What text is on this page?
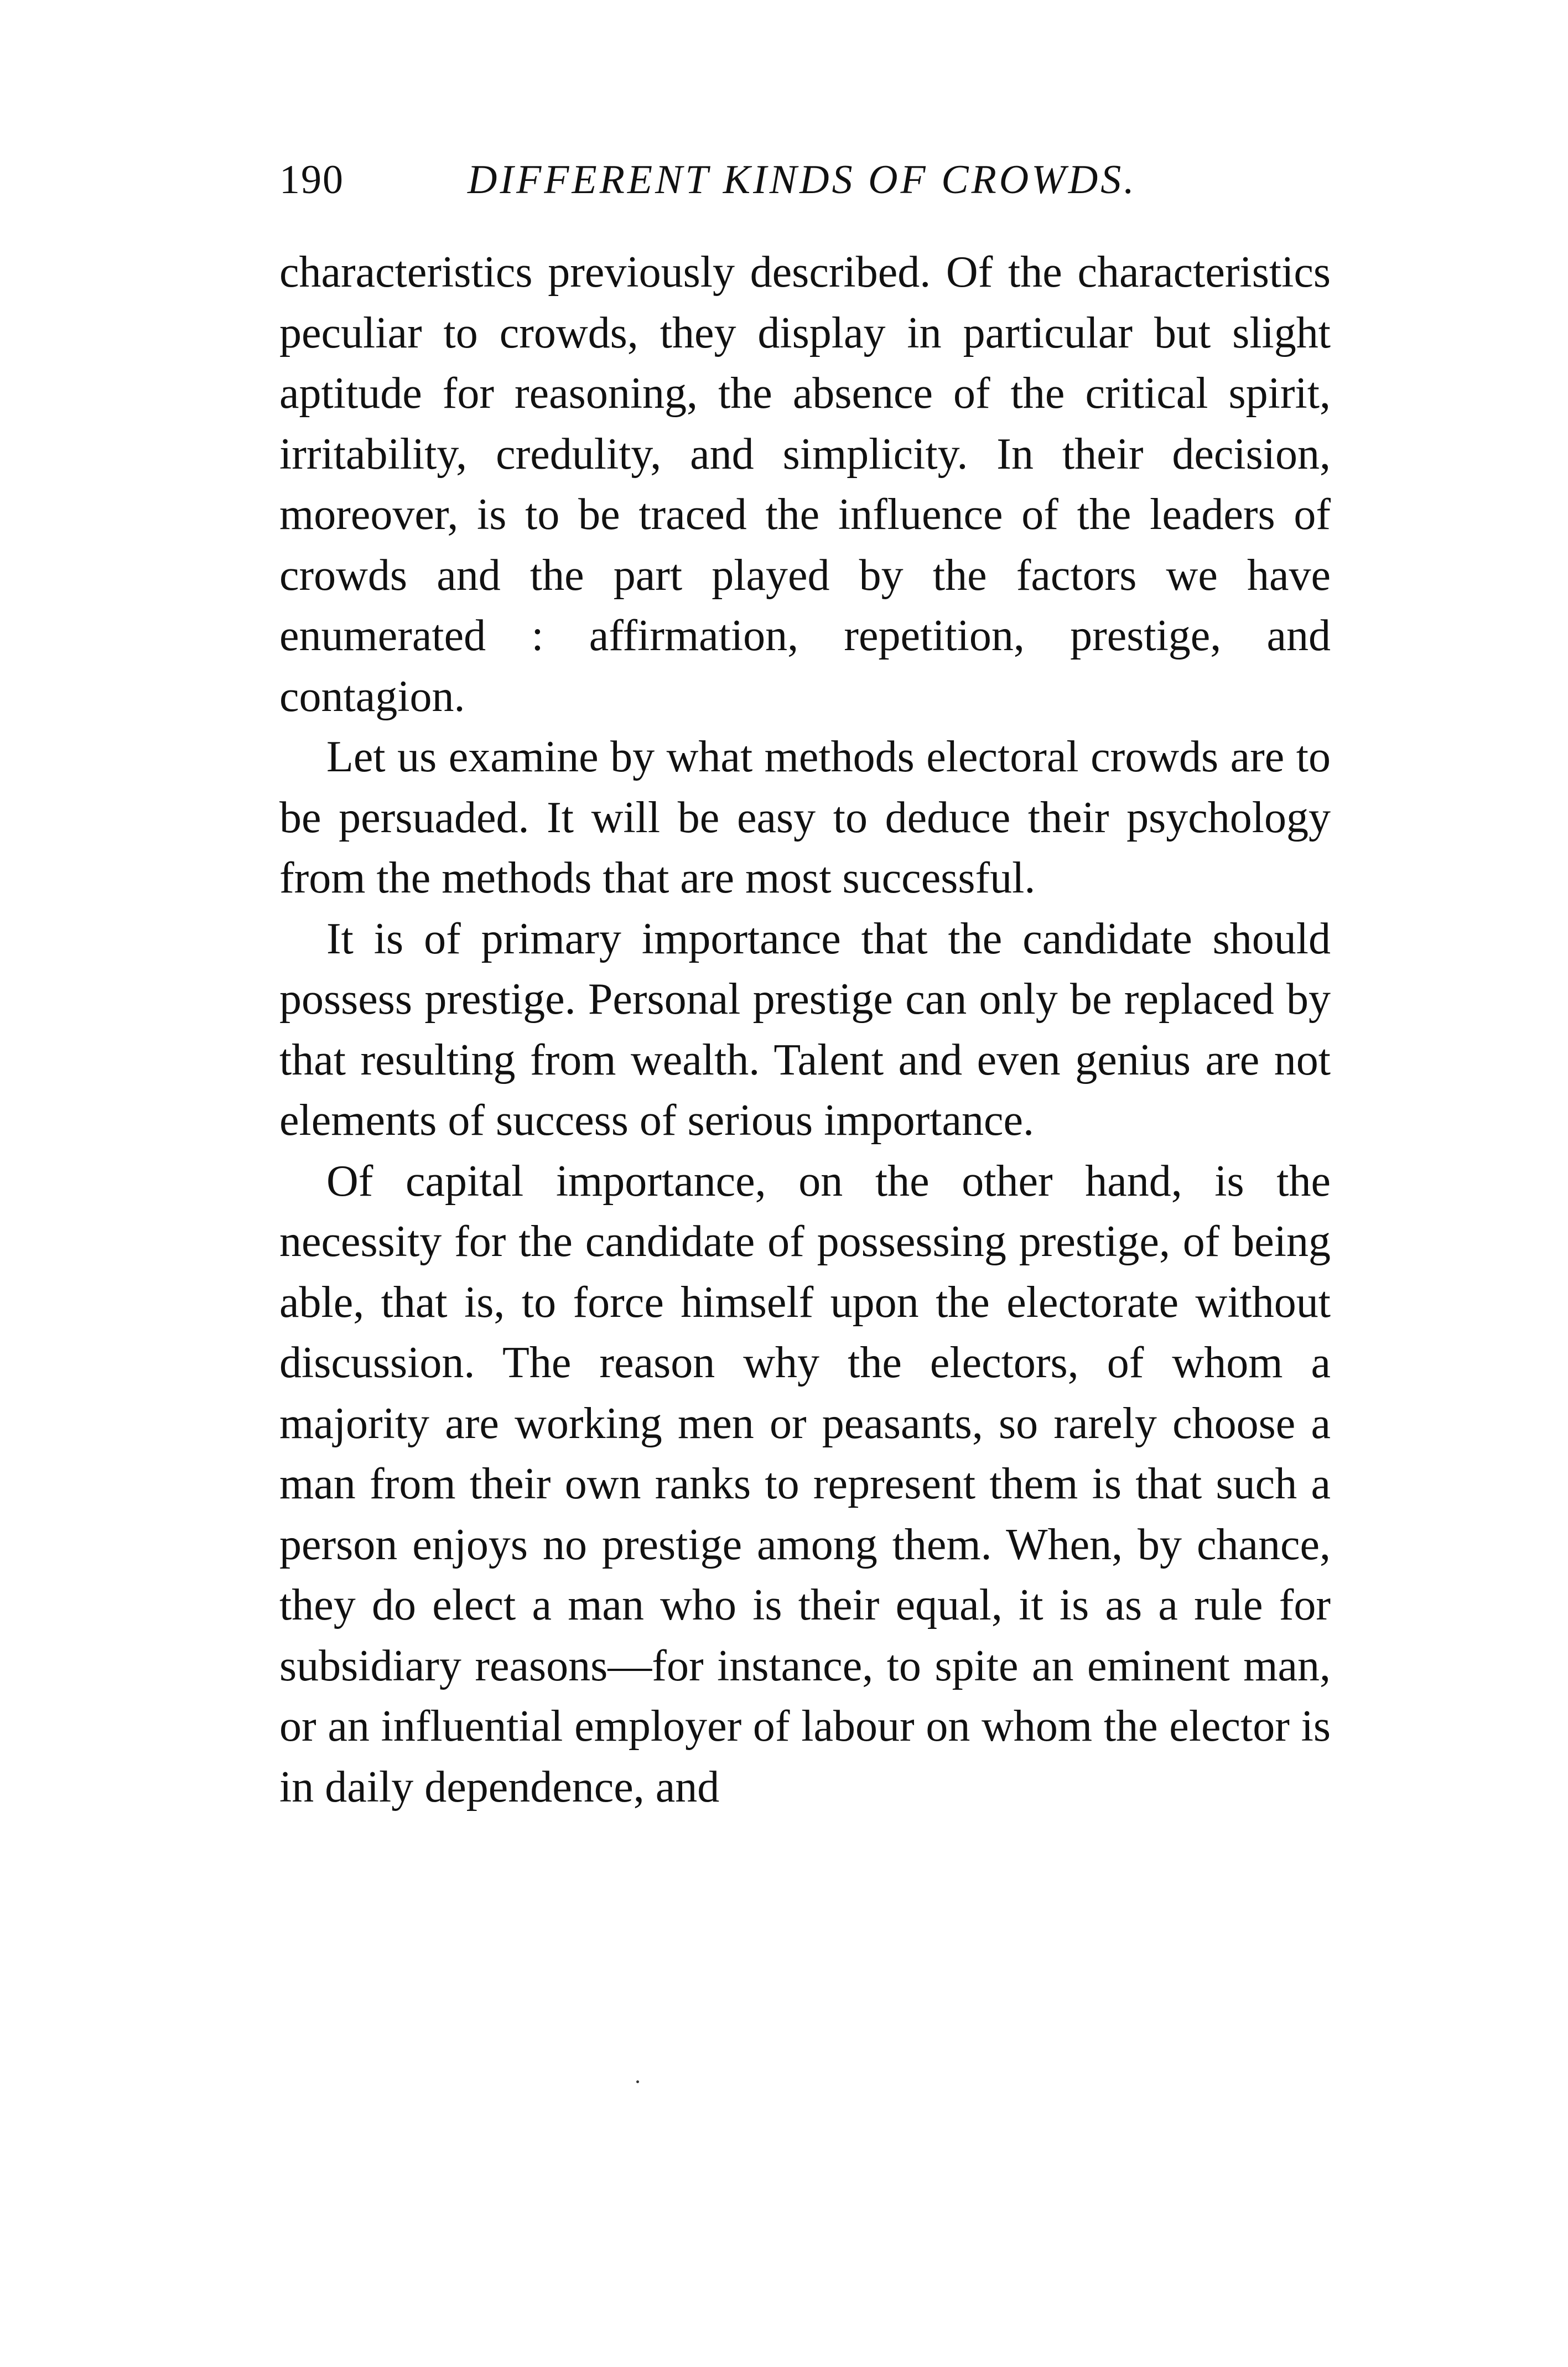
190	DIFFERENT KINDS OF CROWDS.

characteristics previously described. Of the characteristics peculiar to crowds, they display in particular but slight aptitude for reasoning, the absence of the critical spirit, irritability, credulity, and simplicity. In their decision, moreover, is to be traced the influence of the leaders of crowds and the part played by the factors we have enumerated : affirmation, repetition, prestige, and contagion.

Let us examine by what methods electoral crowds are to be persuaded. It will be easy to deduce their psychology from the methods that are most successful.

It is of primary importance that the candidate should possess prestige. Personal prestige can only be replaced by that resulting from wealth. Talent and even genius are not elements of success of serious importance.

Of capital importance, on the other hand, is the necessity for the candidate of possessing prestige, of being able, that is, to force himself upon the electorate without discussion. The reason why the electors, of whom a majority are working men or peasants, so rarely choose a man from their own ranks to represent them is that such a person enjoys no prestige among them. When, by chance, they do elect a man who is their equal, it is as a rule for subsidiary reasons—for instance, to spite an eminent man, or an influential employer of labour on whom the elector is in daily dependence, and
